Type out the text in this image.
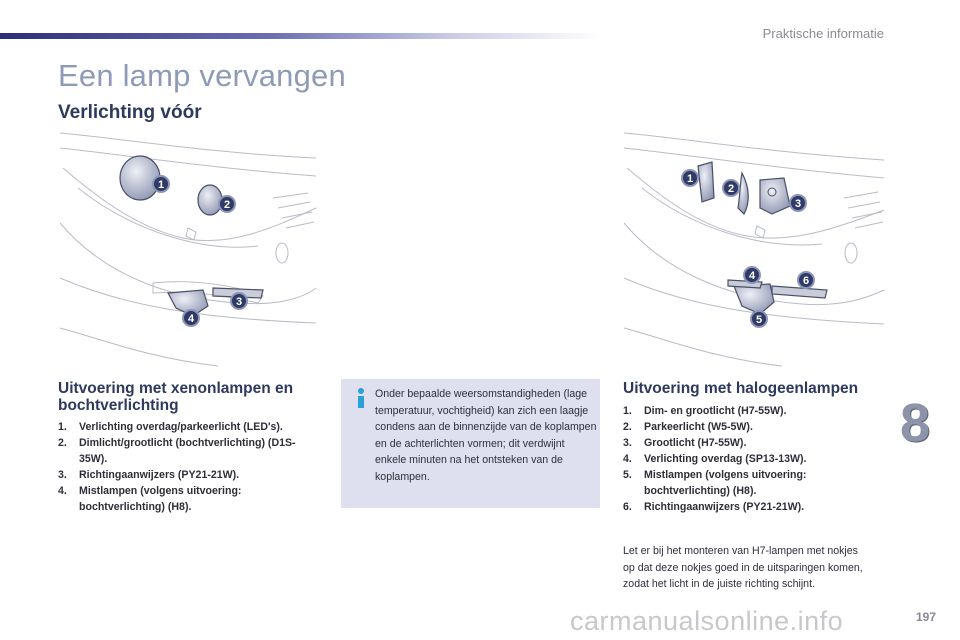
Praktische informatie
Een lamp vervangen
Verlichting vóór
1
2
3
4
1
2
3
4
5
6
Uitvoering met xenonlampen en bochtverlichting
1. Verlichting overdag/parkeerlicht (LED's).
2. Dimlicht/grootlicht (bochtverlichting) (D1S-35W).
3. Richtingaanwijzers (PY21-21W).
4. Mistlampen (volgens uitvoering: bochtverlichting) (H8).
Onder bepaalde weersomstandigheden (lage temperatuur, vochtigheid) kan zich een laagje condens aan de binnenzijde van de koplampen en de achterlichten vormen; dit verdwijnt enkele minuten na het ontsteken van de koplampen.
Uitvoering met halogeenlampen
1. Dim- en grootlicht (H7-55W).
2. Parkeerlicht (W5-5W).
3. Grootlicht (H7-55W).
4. Verlichting overdag (SP13-13W).
5. Mistlampen (volgens uitvoering: bochtverlichting) (H8).
6. Richtingaanwijzers (PY21-21W).
Let er bij het monteren van H7-lampen met nokjes op dat deze nokjes goed in de uitsparingen komen, zodat het licht in de juiste richting schijnt.
8
carmanualsonline.info	197
